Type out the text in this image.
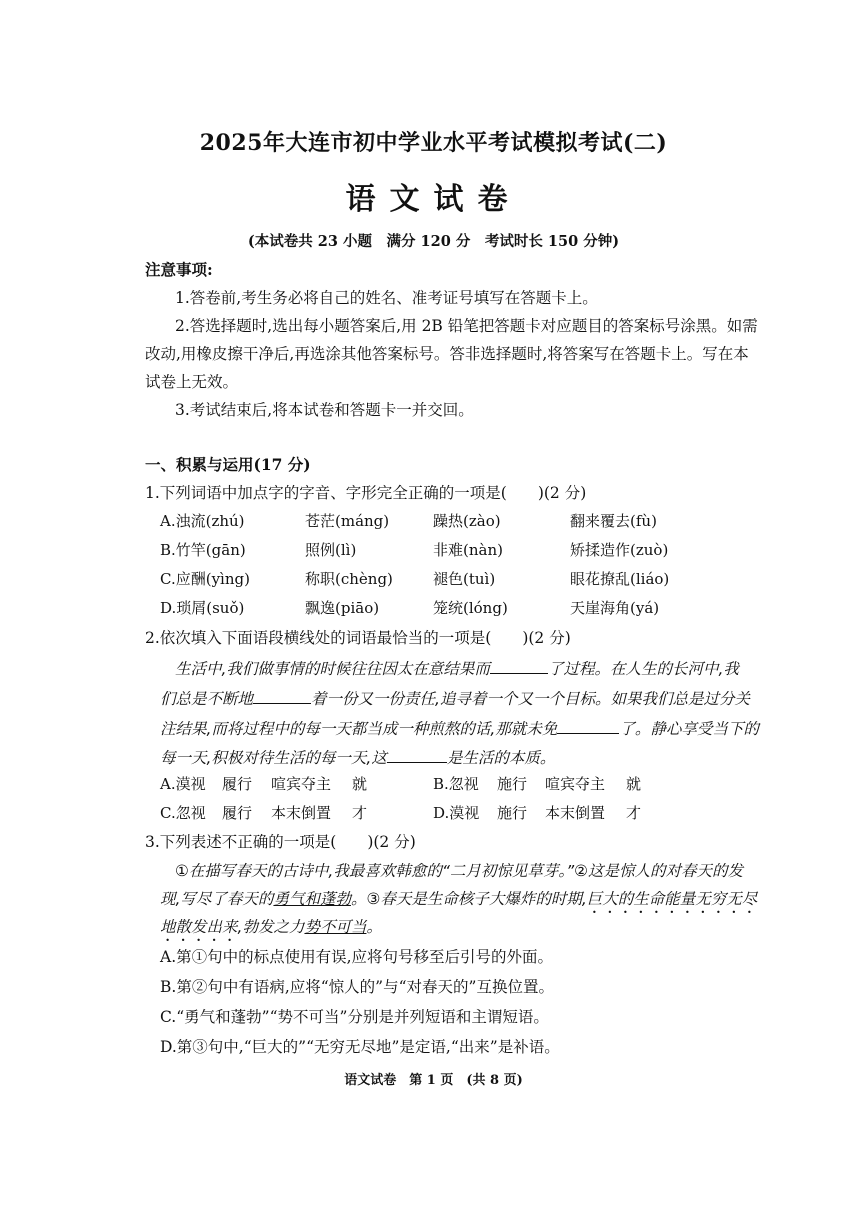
2025年大连市初中学业水平考试模拟考试(二)
语文试卷
(本试卷共 23 小题　满分 120 分　考试时长 150 分钟)
注意事项:
1.答卷前,考生务必将自己的姓名、准考证号填写在答题卡上。
2.答选择题时,选出每小题答案后,用 2B 铅笔把答题卡对应题目的答案标号涂黑。如需
改动,用橡皮擦干净后,再选涂其他答案标号。答非选择题时,将答案写在答题卡上。写在本
试卷上无效。
3.考试结束后,将本试卷和答题卡一并交回。
一、积累与运用(17 分)
1.下列词语中加点字的字音、字形完全正确的一项是(　　)(2 分)
A.浊流(zhú)	苍茫(máng)	躁热(zào)	翻来覆去(fù)
B.竹竿(gān)	照例(lì)	非难(nàn)	矫揉造作(zuò)
C.应酬(yìng)	称职(chèng)	褪色(tuì)	眼花撩乱(liáo)
D.琐屑(suǒ)	飘逸(piāo)	笼统(lóng)	天崖海角(yá)
2.依次填入下面语段横线处的词语最恰当的一项是(　　)(2 分)
生活中,我们做事情的时候往往因太在意结果而	了过程。在人生的长河中,我
们总是不断地	着一份又一份责任,追寻着一个又一个目标。如果我们总是过分关
注结果,而将过程中的每一天都当成一种煎熬的话,那就未免	了。静心享受当下的
每一天,积极对待生活的每一天,这	是生活的本质。
A.漠视 履行 喧宾夺主 就	B.忽视 施行 喧宾夺主 就
C.忽视 履行 本末倒置 才	D.漠视 施行 本末倒置 才
3.下列表述不正确的一项是(　　)(2 分)
①在描写春天的古诗中,我最喜欢韩愈的“二月初惊见草芽。”②这是惊人的对春天的发
现,写尽了春天的勇气和蓬勃。③春天是生命核子大爆炸的时期,巨大的生命能量无穷无尽
地散发出来,勃发之力势不可当。
A.第①句中的标点使用有误,应将句号移至后引号的外面。
B.第②句中有语病,应将“惊人的”与“对春天的”互换位置。
C.“勇气和蓬勃”“势不可当”分别是并列短语和主谓短语。
D.第③句中,“巨大的”“无穷无尽地”是定语,“出来”是补语。
语文试卷　第 1 页　(共 8 页)
